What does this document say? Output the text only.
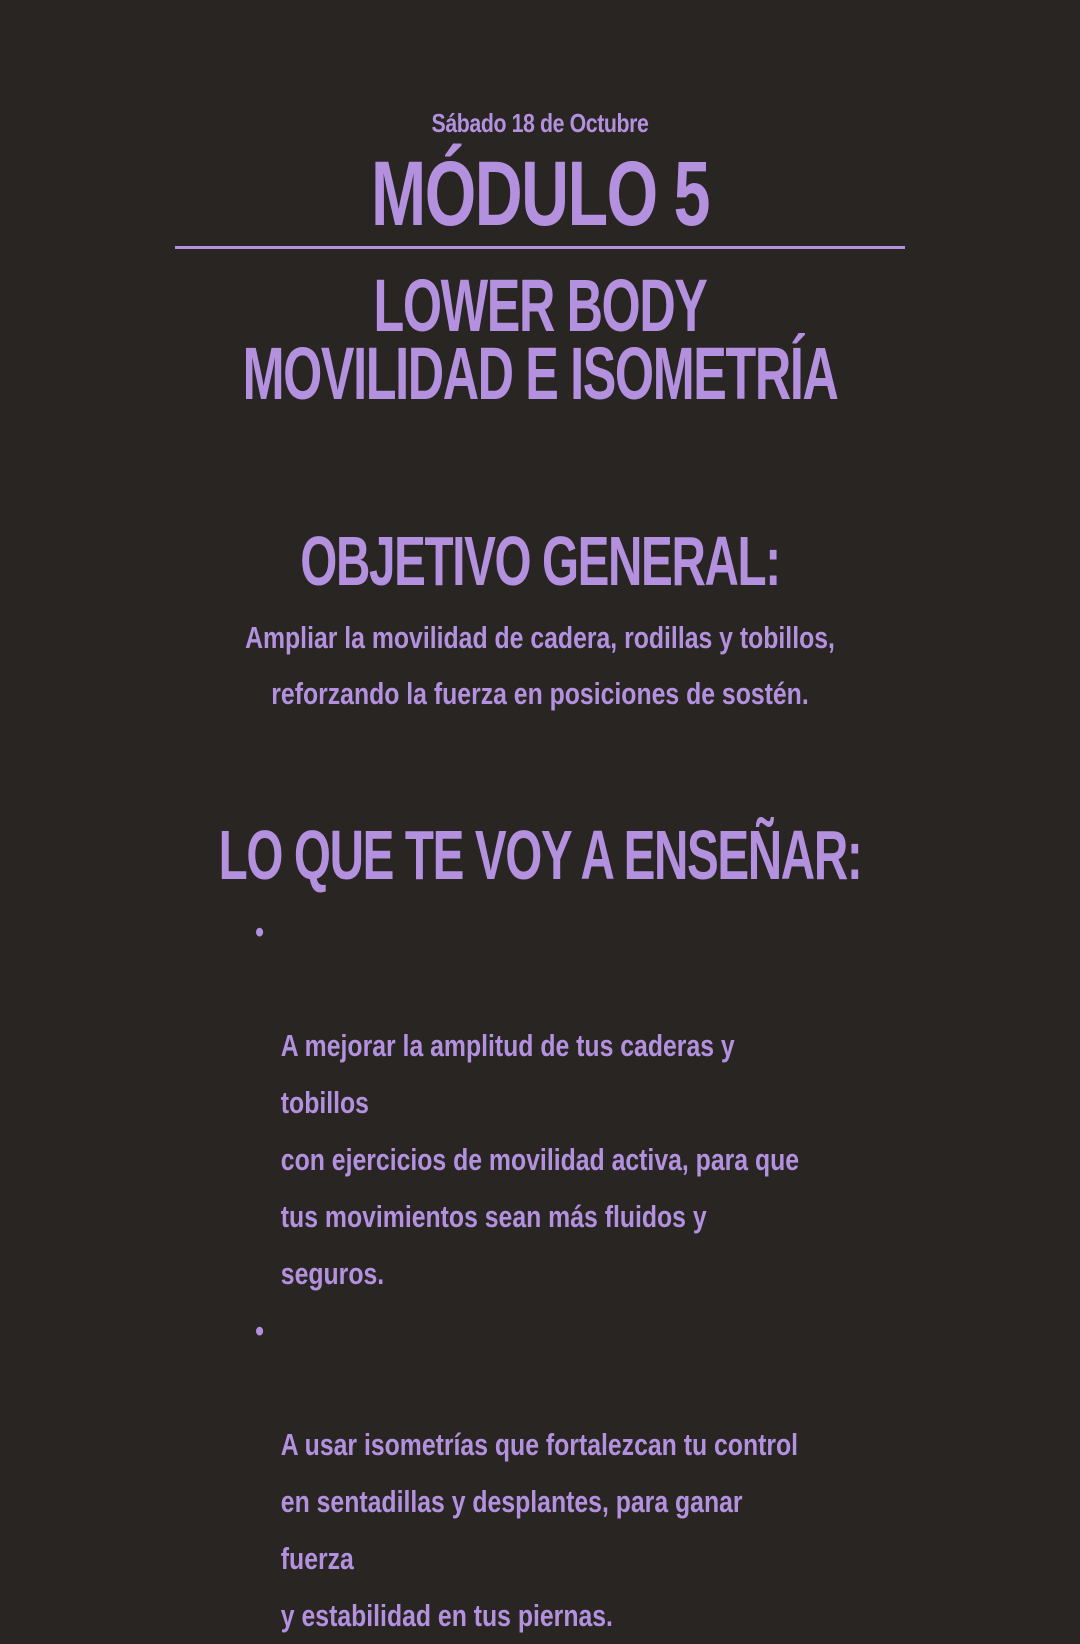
Sábado 18 de Octubre
MÓDULO 5
LOWER BODY
MOVILIDAD E ISOMETRÍA
OBJETIVO GENERAL:
Ampliar la movilidad de cadera, rodillas y tobillos,
reforzando la fuerza en posiciones de sostén.
LO QUE TE VOY A ENSEÑAR:

•

A mejorar la amplitud de tus caderas y tobillos
con ejercicios de movilidad activa, para que
tus movimientos sean más fluidos y seguros.

•

A usar isometrías que fortalezcan tu control
en sentadillas y desplantes, para ganar fuerza
y estabilidad en tus piernas.
